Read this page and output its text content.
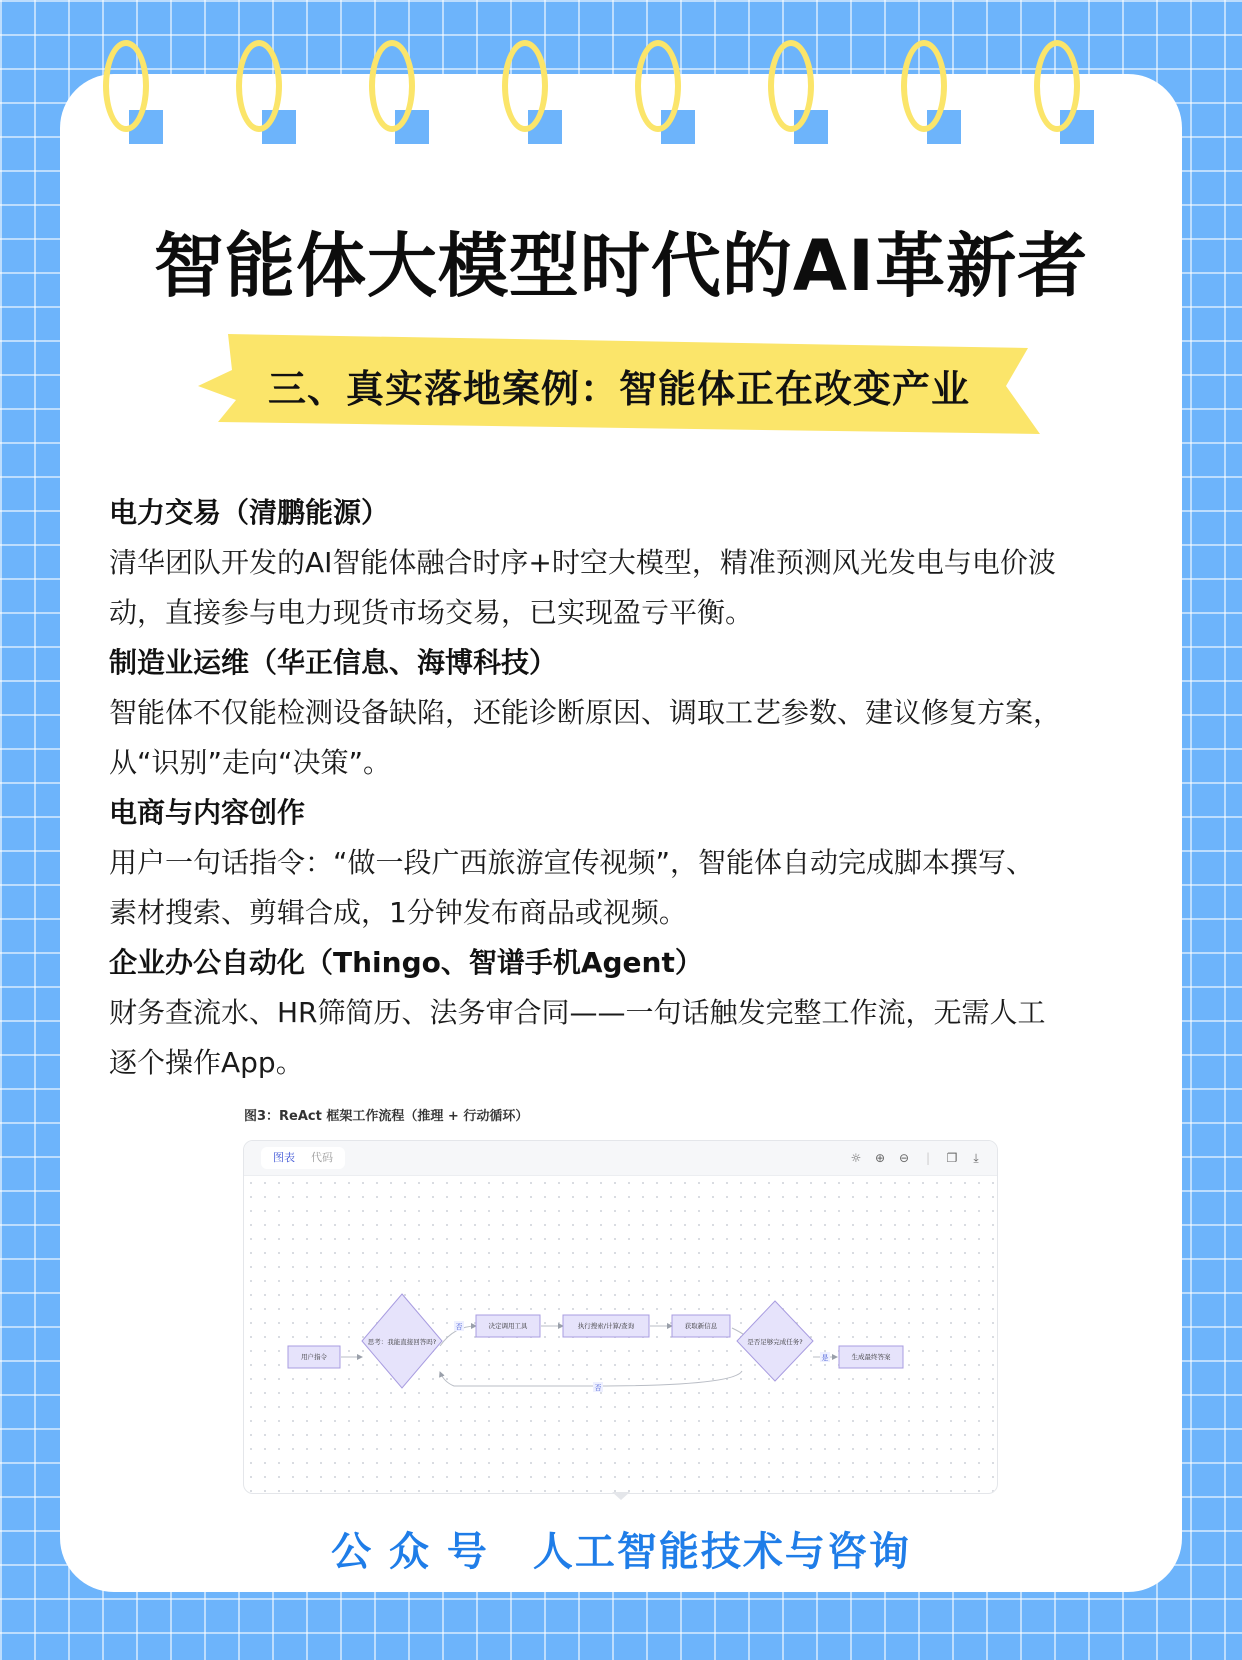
智能体大模型时代的AI革新者
三、真实落地案例：智能体正在改变产业
电力交易（清鹏能源）
清华团队开发的AI智能体融合时序+时空大模型，精准预测风光发电与电价波
动，直接参与电力现货市场交易，已实现盈亏平衡。
制造业运维（华正信息、海博科技）
智能体不仅能检测设备缺陷，还能诊断原因、调取工艺参数、建议修复方案，
从“识别”走向“决策”。
电商与内容创作
用户一句话指令：“做一段广西旅游宣传视频”，智能体自动完成脚本撰写、
素材搜索、剪辑合成，1分钟发布商品或视频。
企业办公自动化（Thingo、智谱手机Agent）
财务查流水、HR筛简历、法务审合同——一句话触发完整工作流，无需人工
逐个操作App。
图3：ReAct 框架工作流程（推理 + 行动循环）
图表	代码	☼ ⊕ ⊖	|	❐	⤓
否
否
是
用户指令
思考：我能直接回答吗?
决定调用工具	执行搜索/计算/查询	获取新信息
是否足够完成任务?
生成最终答案
公 众 号 人工智能技术与咨询
